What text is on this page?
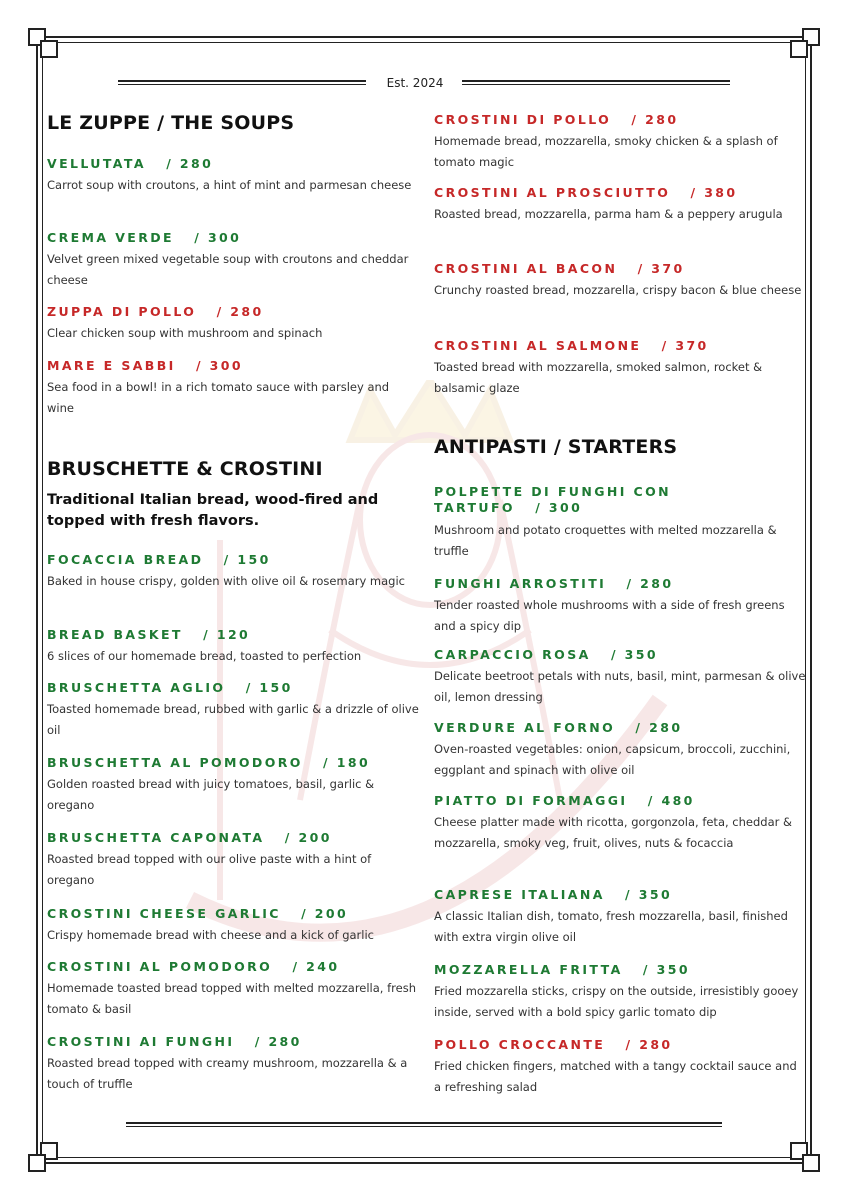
Est. 2024
LE ZUPPE / THE SOUPS
VELLUTATA / 280
Carrot soup with croutons, a hint of mint and parmesan cheese
CREMA VERDE / 300
Velvet green mixed vegetable soup with croutons and cheddar cheese
ZUPPA DI POLLO / 280
Clear chicken soup with mushroom and spinach
MARE E SABBI / 300
Sea food in a bowl! in a rich tomato sauce with parsley and wine
BRUSCHETTE & CROSTINI

Traditional Italian bread, wood-fired and topped with fresh flavors.

FOCACCIA BREAD / 150
Baked in house crispy, golden with olive oil & rosemary magic
BREAD BASKET / 120
6 slices of our homemade bread, toasted to perfection
BRUSCHETTA AGLIO / 150
Toasted homemade bread, rubbed with garlic & a drizzle of olive oil
BRUSCHETTA AL POMODORO / 180
Golden roasted bread with juicy tomatoes, basil, garlic & oregano
BRUSCHETTA CAPONATA / 200
Roasted bread topped with our olive paste with a hint of oregano
CROSTINI CHEESE GARLIC / 200
Crispy homemade bread with cheese and a kick of garlic
CROSTINI AL POMODORO / 240
Homemade toasted bread topped with melted mozzarella, fresh tomato & basil
CROSTINI AI FUNGHI / 280
Roasted bread topped with creamy mushroom, mozzarella & a touch of truffle
CROSTINI DI POLLO / 280
Homemade bread, mozzarella, smoky chicken & a splash of tomato magic
CROSTINI AL PROSCIUTTO / 380
Roasted bread, mozzarella, parma ham & a peppery arugula
CROSTINI AL BACON / 370
Crunchy roasted bread, mozzarella, crispy bacon & blue cheese
CROSTINI AL SALMONE / 370
Toasted bread with mozzarella, smoked salmon, rocket & balsamic glaze
ANTIPASTI / STARTERS
POLPETTE DI FUNGHI CON TARTUFO / 300
Mushroom and potato croquettes with melted mozzarella & truffle
FUNGHI ARROSTITI / 280
Tender roasted whole mushrooms with a side of fresh greens and a spicy dip
CARPACCIO ROSA / 350
Delicate beetroot petals with nuts, basil, mint, parmesan & olive oil, lemon dressing
VERDURE AL FORNO / 280
Oven-roasted vegetables: onion, capsicum, broccoli, zucchini, eggplant and spinach with olive oil
PIATTO DI FORMAGGI / 480
Cheese platter made with ricotta, gorgonzola, feta, cheddar & mozzarella, smoky veg, fruit, olives, nuts & focaccia
CAPRESE ITALIANA / 350
A classic Italian dish, tomato, fresh mozzarella, basil, finished with extra virgin olive oil
MOZZARELLA FRITTA / 350
Fried mozzarella sticks, crispy on the outside, irresistibly gooey inside, served with a bold spicy garlic tomato dip
POLLO CROCCANTE / 280
Fried chicken fingers, matched with a tangy cocktail sauce and a refreshing salad
